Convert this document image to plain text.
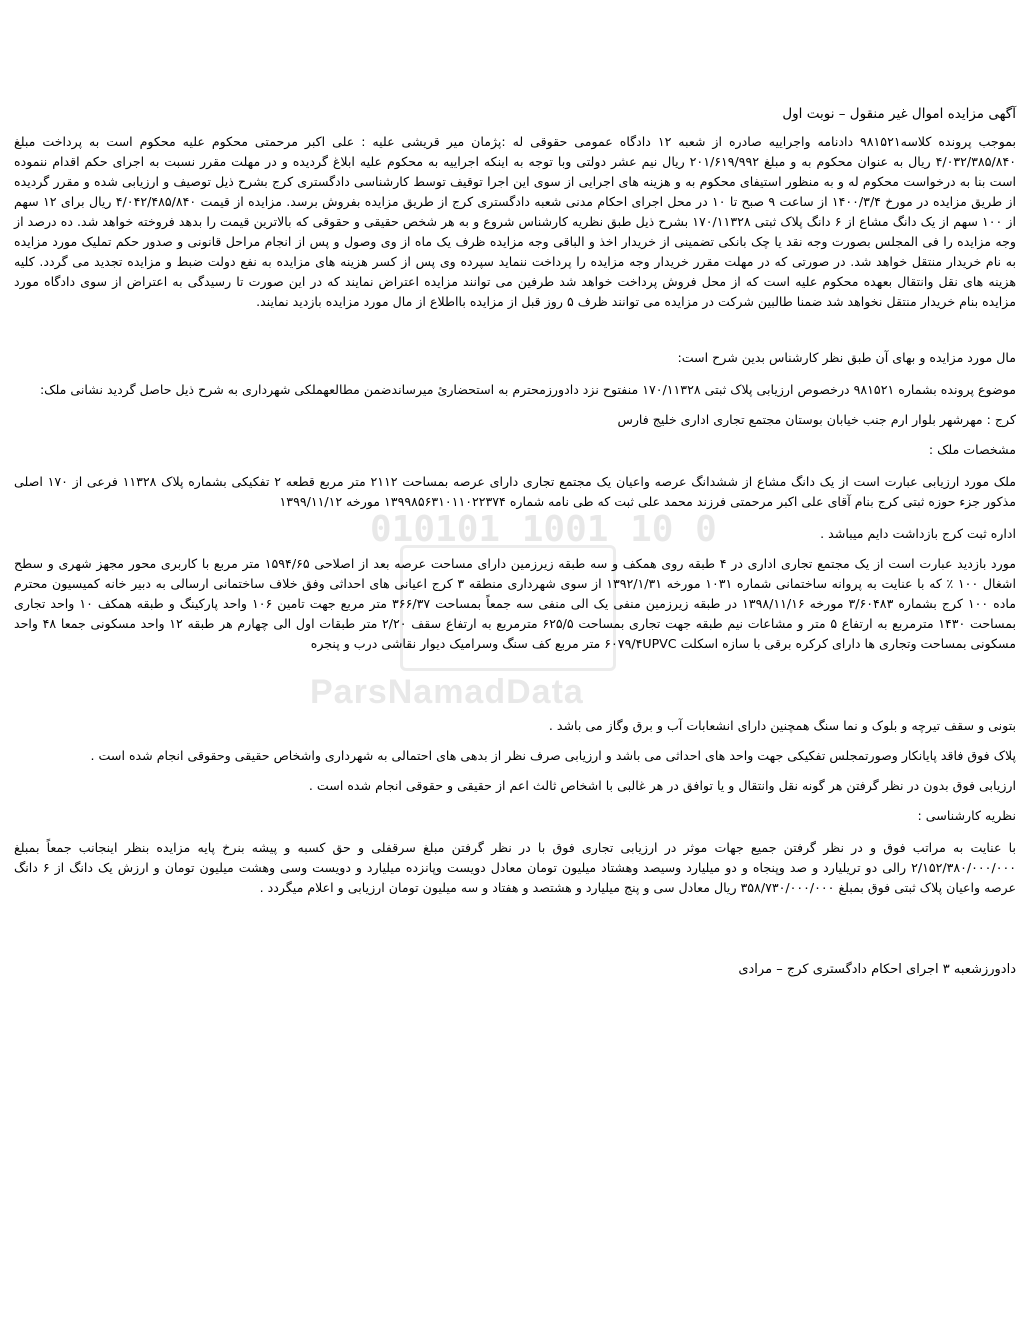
010101 1001 10 0
ParsNamadData

آگهی مزایده اموال غیر منقول – نوبت اول

بموجب پرونده کلاسه۹۸۱۵۲۱ دادنامه واجراییه صادره از شعبه ۱۲ دادگاه عمومی حقوقی له :پژمان میر قریشی علیه : علی اکبر مرحمتی محکوم علیه محکوم است به پرداخت مبلغ ۴/۰۳۲/۳۸۵/۸۴۰ ریال به عنوان محکوم به و مبلغ ۲۰۱/۶۱۹/۹۹۲ ریال نیم عشر دولتی وبا توجه به اینکه اجراییه به محکوم علیه ابلاغ گردیده و در مهلت مقرر نسبت به اجرای حکم اقدام ننموده است بنا به درخواست محکوم له و به منظور استیفای محکوم به و هزینه های اجرایی از سوی این اجرا توقیف توسط کارشناسی دادگستری کرج بشرح ذیل توصیف و ارزیابی شده و مقرر گردیده از طریق مزایده در مورخ ۱۴۰۰/۳/۴ از ساعت ۹ صبح تا ۱۰ در محل اجرای احکام مدنی شعبه دادگستری کرج از طریق مزایده بفروش برسد. مزایده از قیمت ۴/۰۴۲/۴۸۵/۸۴۰ ریال برای ۱۲ سهم از ۱۰۰ سهم از یک دانگ مشاع از ۶ دانگ پلاک ثبتی ۱۷۰/۱۱۳۲۸ بشرح ذیل طبق نظریه کارشناس شروع و به هر شخص حقیقی و حقوقی که بالاترین قیمت را بدهد فروخته خواهد شد. ده درصد از وجه مزایده را فی المجلس بصورت وجه نقد یا چک بانکی تضمینی از خریدار اخذ و الباقی وجه مزایده ظرف یک ماه از وی وصول و پس از انجام مراحل قانونی و صدور حکم تملیک مورد مزایده به نام خریدار منتقل خواهد شد. در صورتی که در مهلت مقرر خریدار وجه مزایده را پرداخت ننماید سپرده وی پس از کسر هزینه های مزایده به نفع دولت ضبط و مزایده تجدید می گردد. کلیه هزینه های نقل وانتقال بعهده محکوم علیه است که از محل فروش پرداخت خواهد شد طرفین می توانند مزایده اعتراض نمایند که در این صورت تا رسیدگی به اعتراض از سوی دادگاه مورد مزایده بنام خریدار منتقل نخواهد شد ضمنا طالبین شرکت در مزایده می توانند ظرف ۵ روز قبل از مزایده بااطلاع از مال مورد مزایده بازدید نمایند.

مال مورد مزایده و بهای آن طبق نظر کارشناس بدین شرح است:

موضوع پرونده بشماره ۹۸۱۵۲۱ درخصوص ارزیابی پلاک ثبتی ۱۷۰/۱۱۳۲۸ منفتوح نزد دادورزمحترم به استحضارئ میرساندضمن مطالعهملکی شهرداری به شرح ذیل حاصل گردید نشانی ملک:

کرج : مهرشهر بلوار ارم جنب خیابان بوستان مجتمع تجاری اداری خلیج فارس

مشخصات ملک :

ملک مورد ارزیابی عبارت است از یک دانگ مشاع از ششدانگ عرصه واعیان یک مجتمع تجاری دارای عرصه بمساحت ۲۱۱۲ متر مربع قطعه ۲ تفکیکی بشماره پلاک ۱۱۳۲۸ فرعی از ۱۷۰ اصلی مذکور جزء حوزه ثبتی کرج بنام آقای علی اکبر مرحمتی فرزند محمد علی ثبت که طی نامه شماره ۱۳۹۹۸۵۶۳۱۰۱۱۰۲۲۳۷۴ مورخه ۱۳۹۹/۱۱/۱۲

اداره ثبت کرج بازداشت دایم میباشد .

مورد بازدید عبارت است از یک مجتمع تجاری اداری در ۴ طبقه روی همکف و سه طبقه زیرزمین دارای مساحت عرصه بعد از اصلاحی ۱۵۹۴/۶۵ متر مربع با کاربری محور مجهز شهری و سطح اشغال ۱۰۰ ٪ که با عنایت به پروانه ساختمانی شماره ۱۰۳۱ مورخه ۱۳۹۲/۱/۳۱ از سوی شهرداری منطقه ۳ کرج اعیانی های احداثی وفق خلاف ساختمانی ارسالی به دبیر خانه کمیسیون محترم ماده ۱۰۰ کرج بشماره ۳/۶۰۴۸۳ مورخه ۱۳۹۸/۱۱/۱۶ در طبقه زیرزمین منفی یک الی منفی سه جمعاً بمساحت ۳۶۶/۳۷ متر مربع جهت تامین ۱۰۶ واحد پارکینگ و طبقه همکف ۱۰ واحد تجاری بمساحت ۱۴۳۰ مترمربع به ارتفاع ۵ متر و مشاعات نیم طبقه جهت تجاری بمساحت ۶۲۵/۵ مترمربع به ارتفاع سقف ۲/۲۰ متر طبقات اول الی چهارم هر طبقه ۱۲ واحد مسکونی جمعا ۴۸ واحد مسکونی بمساحت وتجاری ها دارای کرکره برقی با سازه اسکلت ۶۰۷۹/۴UPVC متر مربع کف سنگ وسرامیک دیوار نقاشی درب و پنجره

بتونی و سقف تیرچه و بلوک و نما سنگ همچنین دارای انشعابات آب و برق وگاز می باشد .

پلاک فوق فاقد پایانکار وصورتمجلس تفکیکی جهت واحد های احداثی می باشد و ارزیابی صرف نظر از بدهی های احتمالی به شهرداری واشخاص حقیقی وحقوقی انجام شده است .

ارزیابی فوق بدون در نظر گرفتن هر گونه نقل وانتقال و یا توافق در هر غالبی با اشخاص ثالث اعم از حقیقی و حقوقی انجام شده است .

نظریه کارشناسی :

با عنایت به مراتب فوق و در نظر گرفتن جمیع جهات موثر در ارزیابی تجاری فوق با در نظر گرفتن مبلغ سرقفلی و حق کسبه و پیشه بنرخ پایه مزایده بنظر اینجانب جمعاً بمبلغ ۲/۱۵۲/۳۸۰/۰۰۰/۰۰۰ رالی دو تریلیارد و صد وپنجاه و دو میلیارد وسیصد وهشتاد میلیون تومان معادل دویست وپانزده میلیارد و دویست وسی وهشت میلیون تومان و ارزش یک دانگ از ۶ دانگ عرصه واعیان پلاک ثبتی فوق بمبلغ ۳۵۸/۷۳۰/۰۰۰/۰۰۰ ریال معادل سی و پنج میلیارد و هشتصد و هفتاد و سه میلیون تومان ارزیابی و اعلام میگردد .

دادورزشعبه ۳ اجرای احکام دادگستری کرج – مرادی
